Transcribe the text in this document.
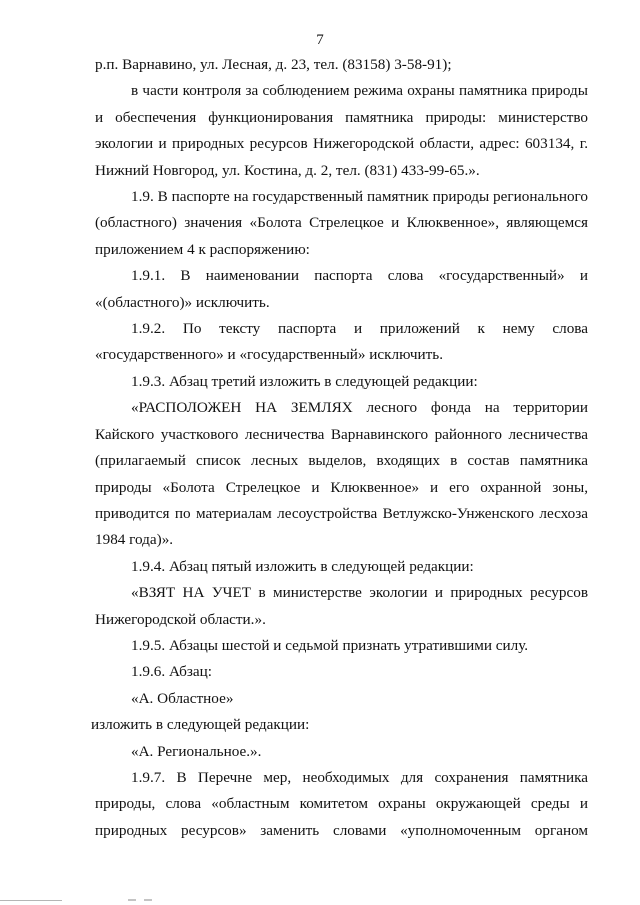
7

р.п. Варнавино, ул. Лесная, д. 23, тел. (83158) 3-58-91);

в части контроля за соблюдением режима охраны памятника природы и обеспечения функционирования памятника природы: министерство экологии и природных ресурсов Нижегородской области, адрес: 603134, г. Нижний Новгород, ул. Костина, д. 2, тел. (831) 433-99-65.».

1.9. В паспорте на государственный памятник природы регионального (областного) значения «Болота Стрелецкое и Клюквенное», являющемся приложением 4 к распоряжению:

1.9.1. В наименовании паспорта слова «государственный» и «(областного)» исключить.

1.9.2. По тексту паспорта и приложений к нему слова «государственного» и «государственный» исключить.

1.9.3. Абзац третий изложить в следующей редакции:

«РАСПОЛОЖЕН НА ЗЕМЛЯХ лесного фонда на территории Кайского участкового лесничества Варнавинского районного лесничества (прилагаемый список лесных выделов, входящих в состав памятника природы «Болота Стрелецкое и Клюквенное» и его охранной зоны, приводится по материалам лесоустройства Ветлужско-Унженского лесхоза 1984 года)».

1.9.4. Абзац пятый изложить в следующей редакции:

«ВЗЯТ НА УЧЕТ в министерстве экологии и природных ресурсов Нижегородской области.».

1.9.5. Абзацы шестой и седьмой признать утратившими силу.

1.9.6. Абзац:

«А. Областное»

изложить в следующей редакции:

«А. Региональное.».

1.9.7. В Перечне мер, необходимых для сохранения памятника природы, слова «областным комитетом охраны окружающей среды и природных ресурсов» заменить словами «уполномоченным органом
